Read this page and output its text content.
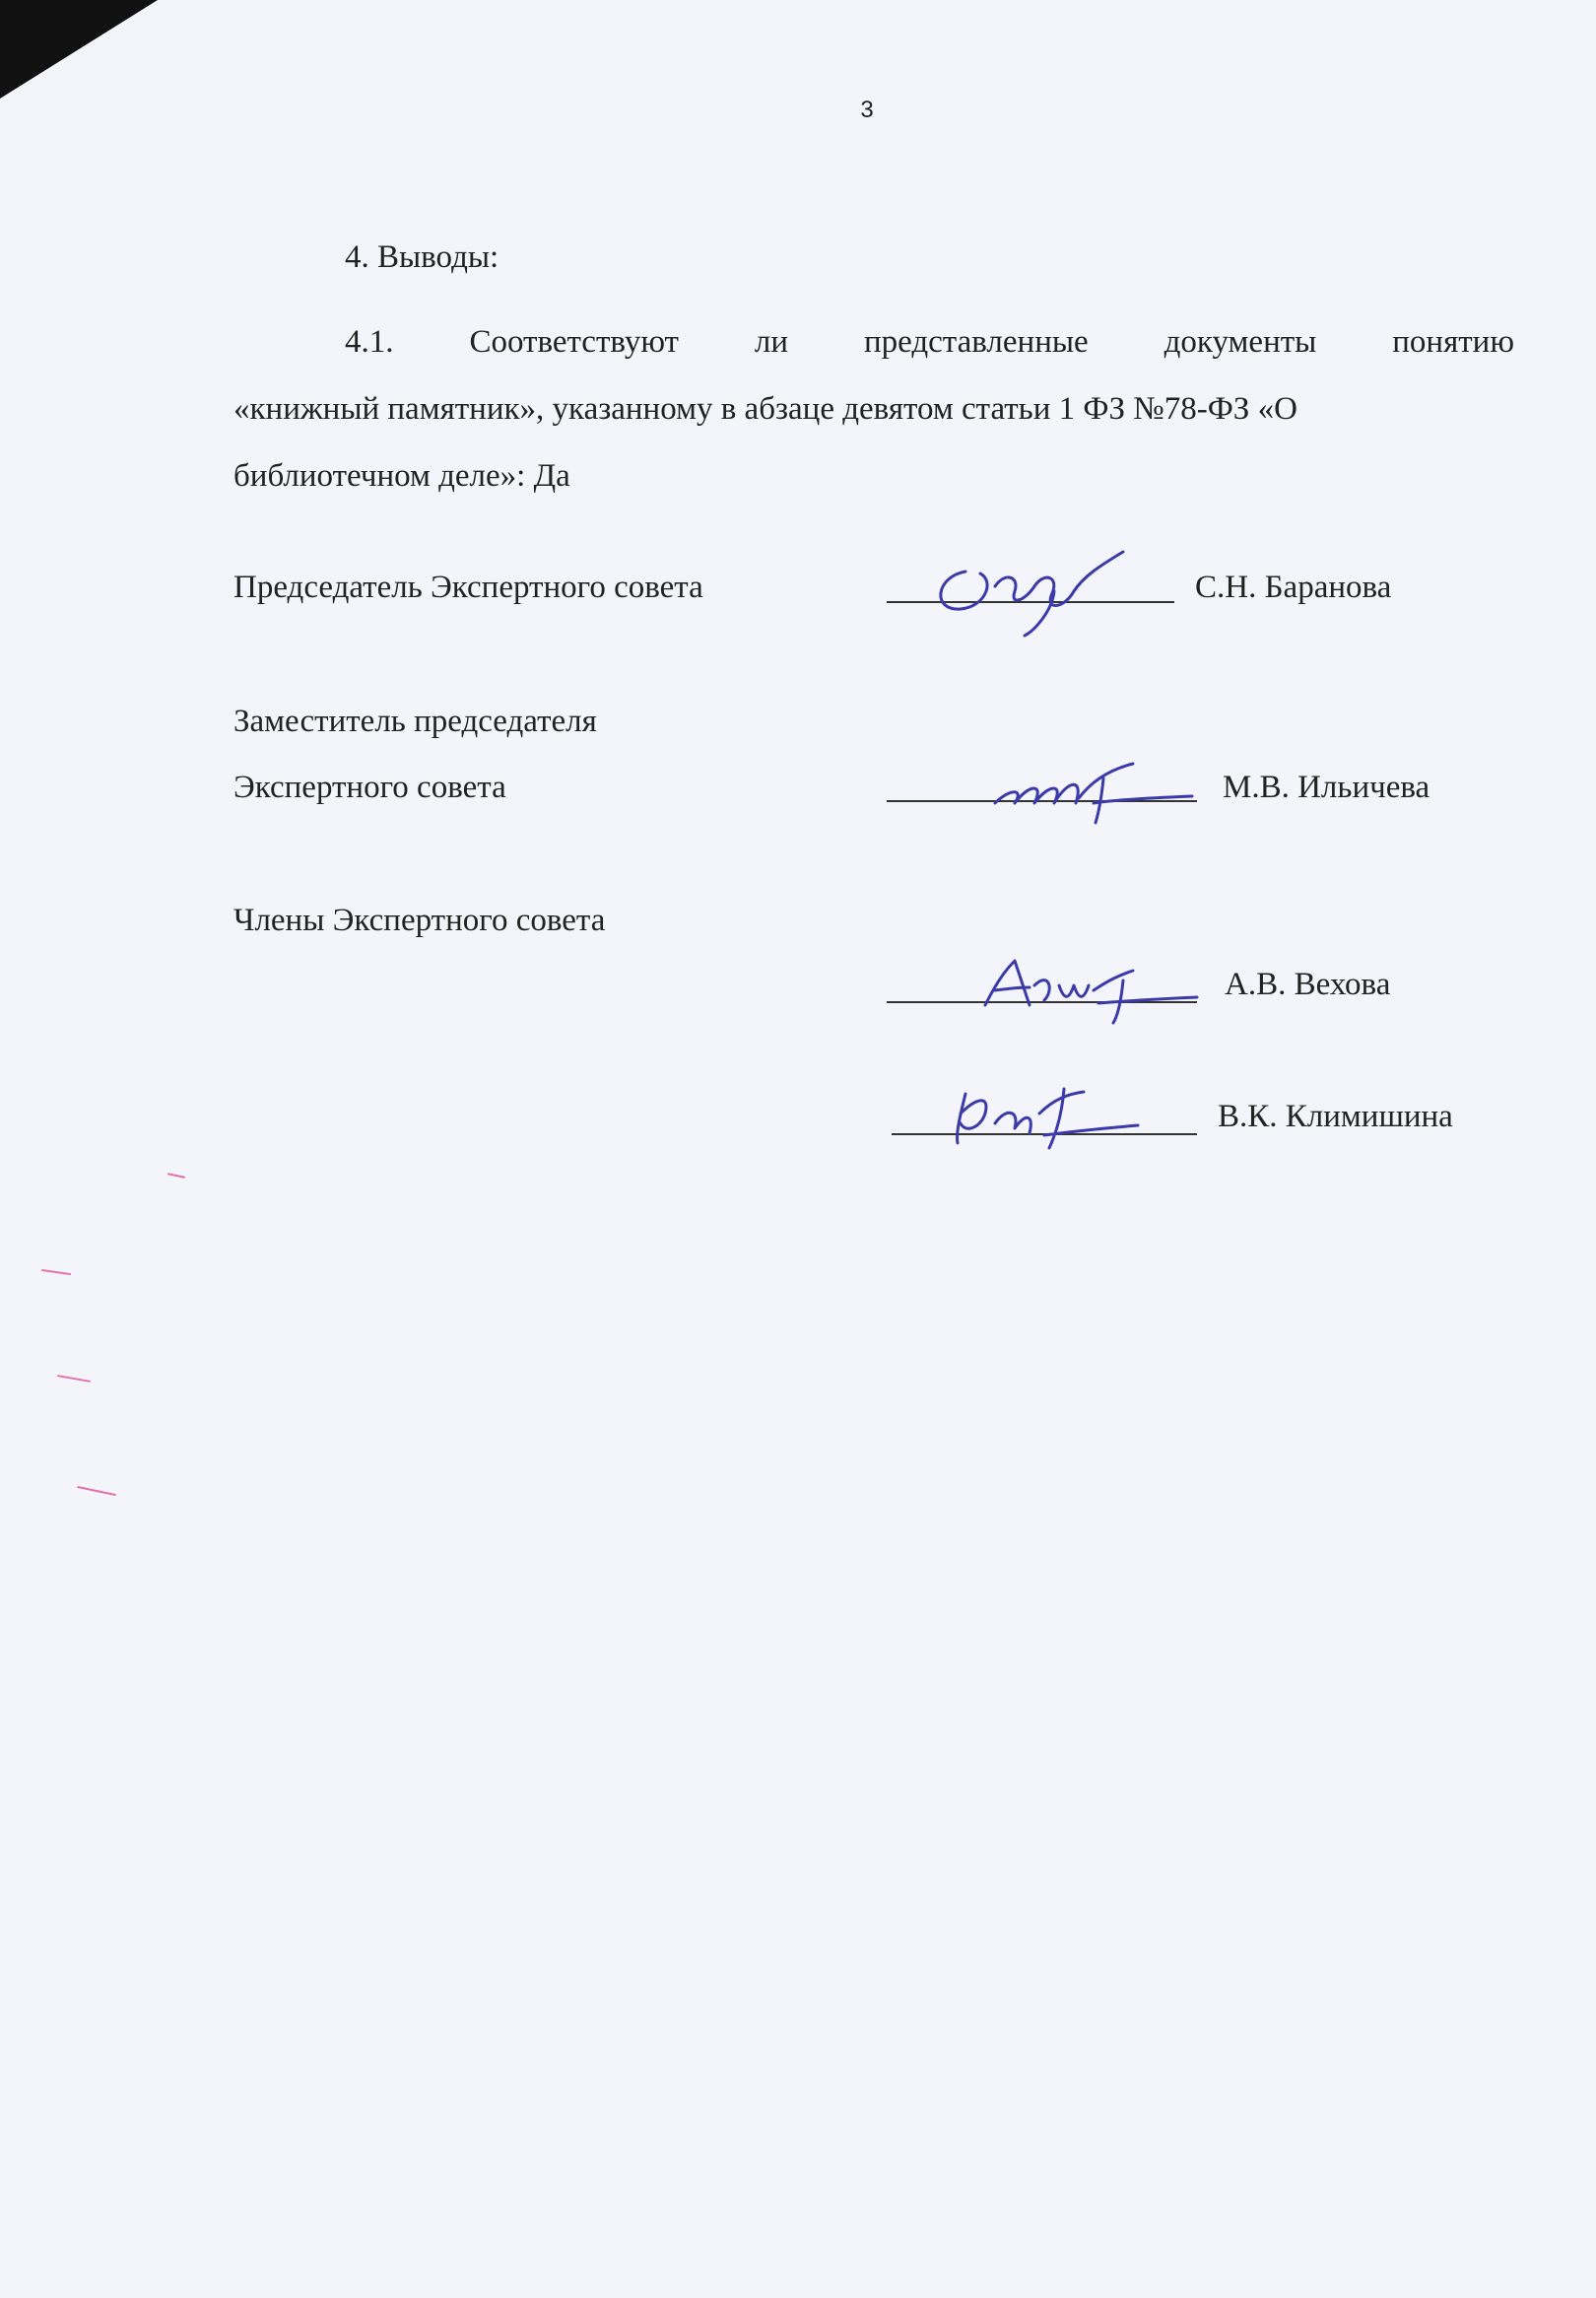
3
4. Выводы:
4.1. Соответствуют ли представленные документы понятию
«книжный памятник», указанному в абзаце девятом статьи 1 ФЗ №78-ФЗ «О
библиотечном деле»: Да
Председатель Экспертного совета	С.Н. Баранова
Заместитель председателя
Экспертного совета	М.В. Ильичева
Члены Экспертного совета
А.В. Вехова
В.К. Климишина
